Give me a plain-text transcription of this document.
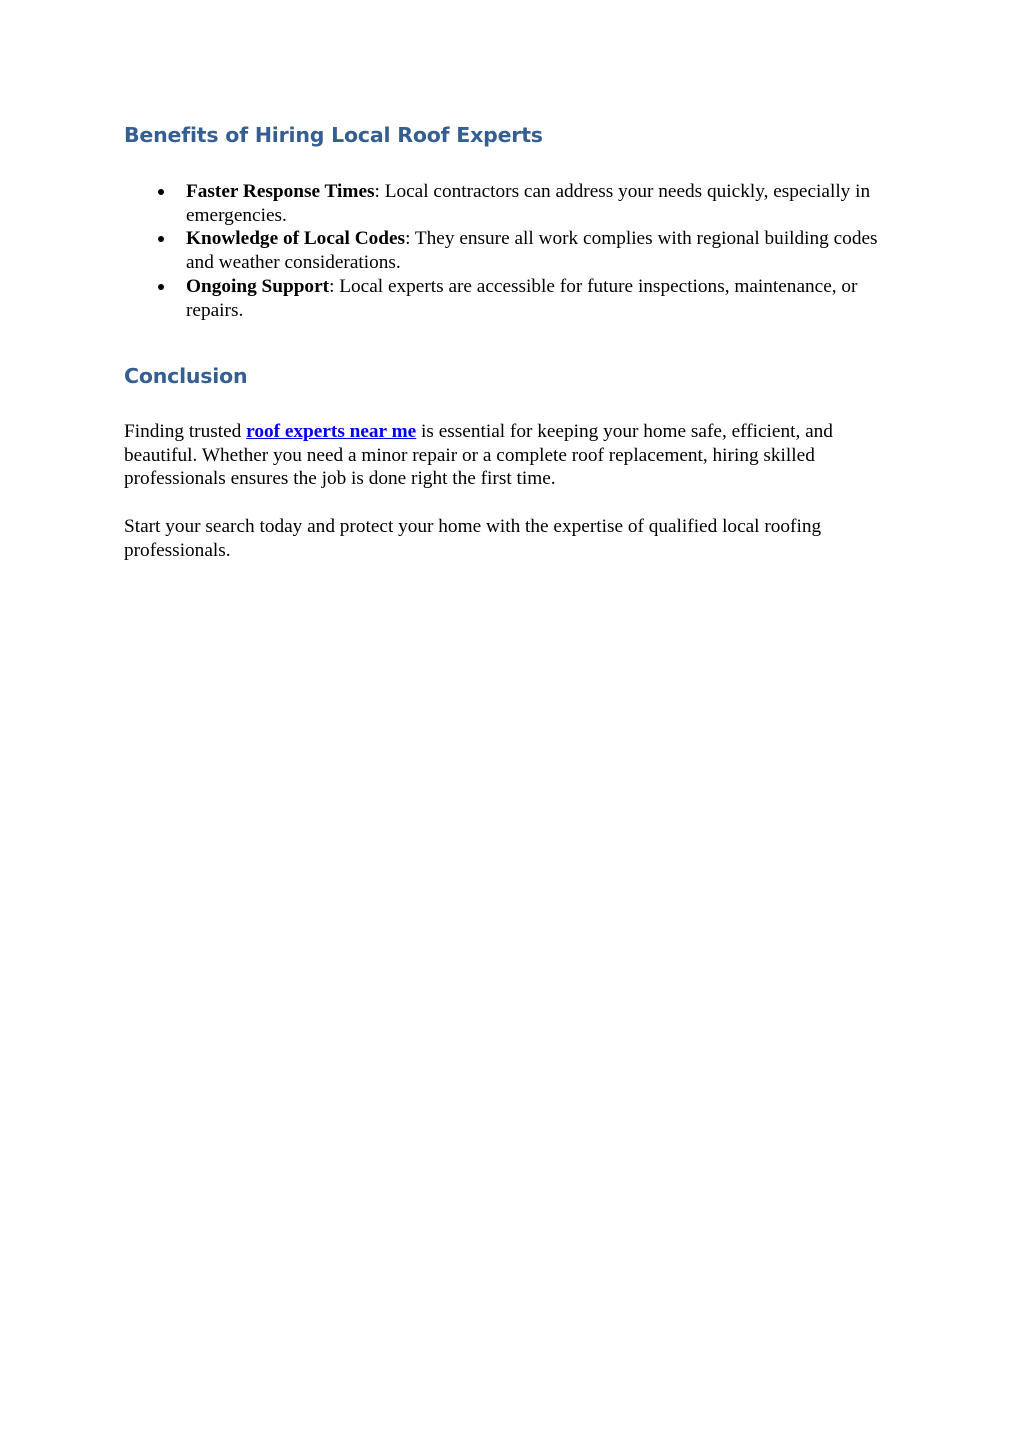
Benefits of Hiring Local Roof Experts
Faster Response Times: Local contractors can address your needs quickly, especially in emergencies.
Knowledge of Local Codes: They ensure all work complies with regional building codes and weather considerations.
Ongoing Support: Local experts are accessible for future inspections, maintenance, or repairs.
Conclusion

Finding trusted roof experts near me is essential for keeping your home safe, efficient, and beautiful. Whether you need a minor repair or a complete roof replacement, hiring skilled professionals ensures the job is done right the first time.

Start your search today and protect your home with the expertise of qualified local roofing professionals.
